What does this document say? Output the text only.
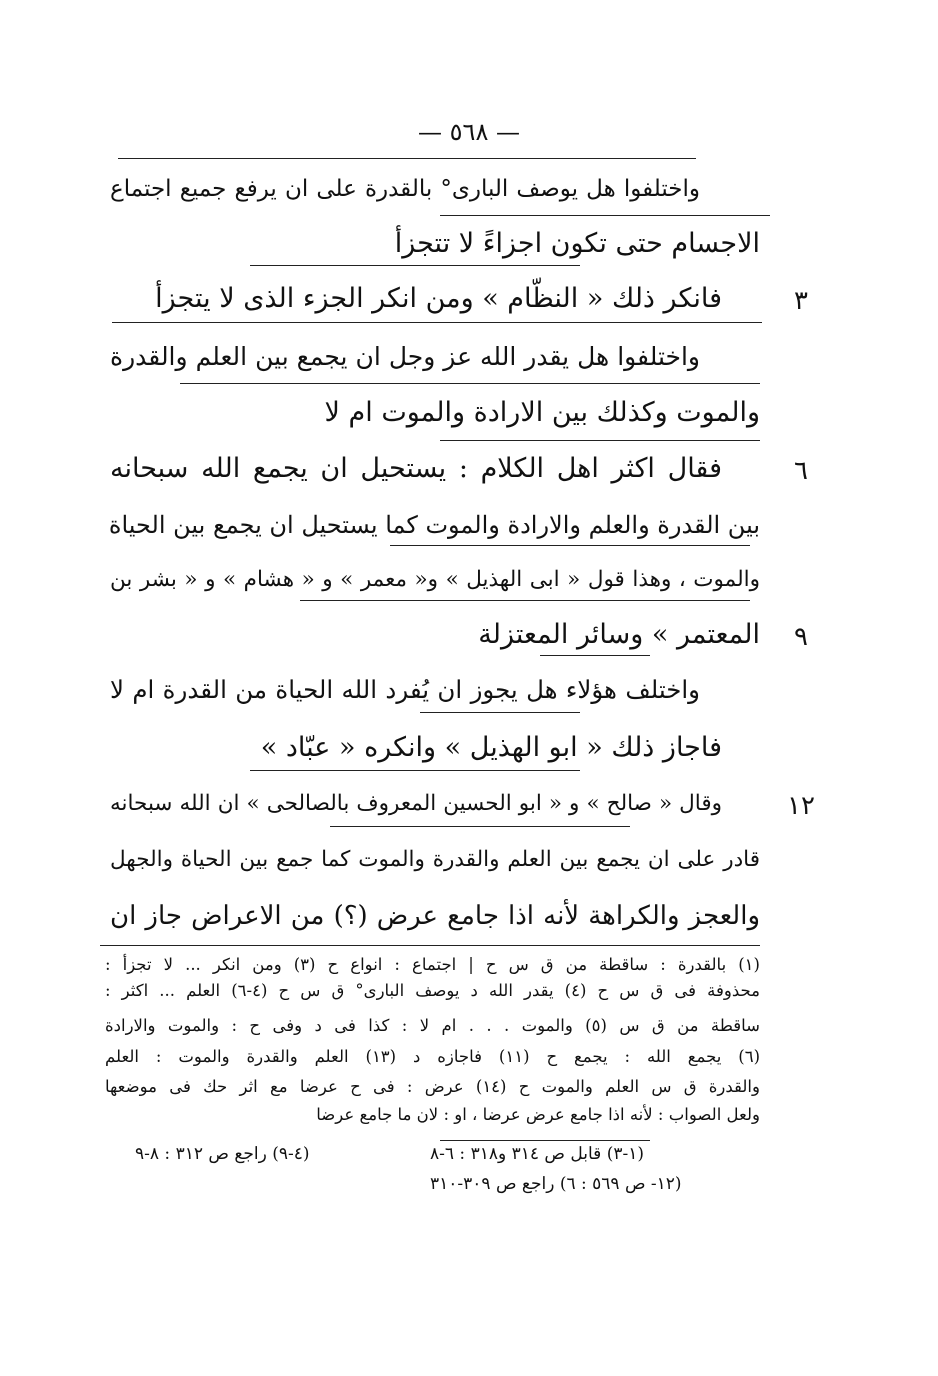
— ٥٦٨ —
واختلفوا هل يوصف البارى° بالقدرة على ان يرفع جميع اجتماع
الاجسام حتى تكون اجزاءً لا تتجزأ
فانكر ذلك « النظّام » ومن انكر الجزء الذى لا يتجزأ
واختلفوا هل يقدر الله عز وجل ان يجمع بين العلم والقدرة
والموت وكذلك بين الارادة والموت ام لا
فقال اكثر اهل الكلام : يستحيل ان يجمع الله سبحانه
بين القدرة والعلم والارادة والموت كما يستحيل ان يجمع بين الحياة
والموت ، وهذا قول « ابى الهذيل » و« معمر » و « هشام » و « بشر بن
المعتمر » وسائر المعتزلة
واختلف هؤلاء هل يجوز ان يُفرد الله الحياة من القدرة ام لا
فاجاز ذلك « ابو الهذيل » وانكره « عبّاد »
وقال « صالح » و « ابو الحسين المعروف بالصالحى » ان الله سبحانه
قادر على ان يجمع بين العلم والقدرة والموت كما جمع بين الحياة والجهل
والعجز والكراهة لأنه اذا جامع عرض (؟) من الاعراض جاز ان
٣
٦
٩
١٢
(١) بالقدرة : ساقطة من ق س ح | اجتماع : انواع ح (٣) ومن انكر ... لا تجزأ :
محذوفة فى ق س ح (٤) يقدر الله د يوصف البارى° ق س ح (٤-٦) العلم ... اكثر :
ساقطة من ق س (٥) والموت . . . ام لا : كذا فى د وفى ح : والموت والارادة
(٦) يجمع الله : يجمع ح (١١) فاجازه د (١٣) العلم والقدرة والموت : العلم
والقدرة ق س العلم والموت ح (١٤) عرض : فى ح عرضا مع اثر حك فى موضعها
ولعل الصواب : لأنه اذا جامع عرض عرضا ، او : لان ما جامع عرضا
(١-٣) قابل ص ٣١٤ و٣١٨ : ٦-٨
(٤-٩) راجع ص ٣١٢ : ٨-٩
(١٢- ص ٥٦٩ : ٦) راجع ص ٣٠٩-٣١٠
